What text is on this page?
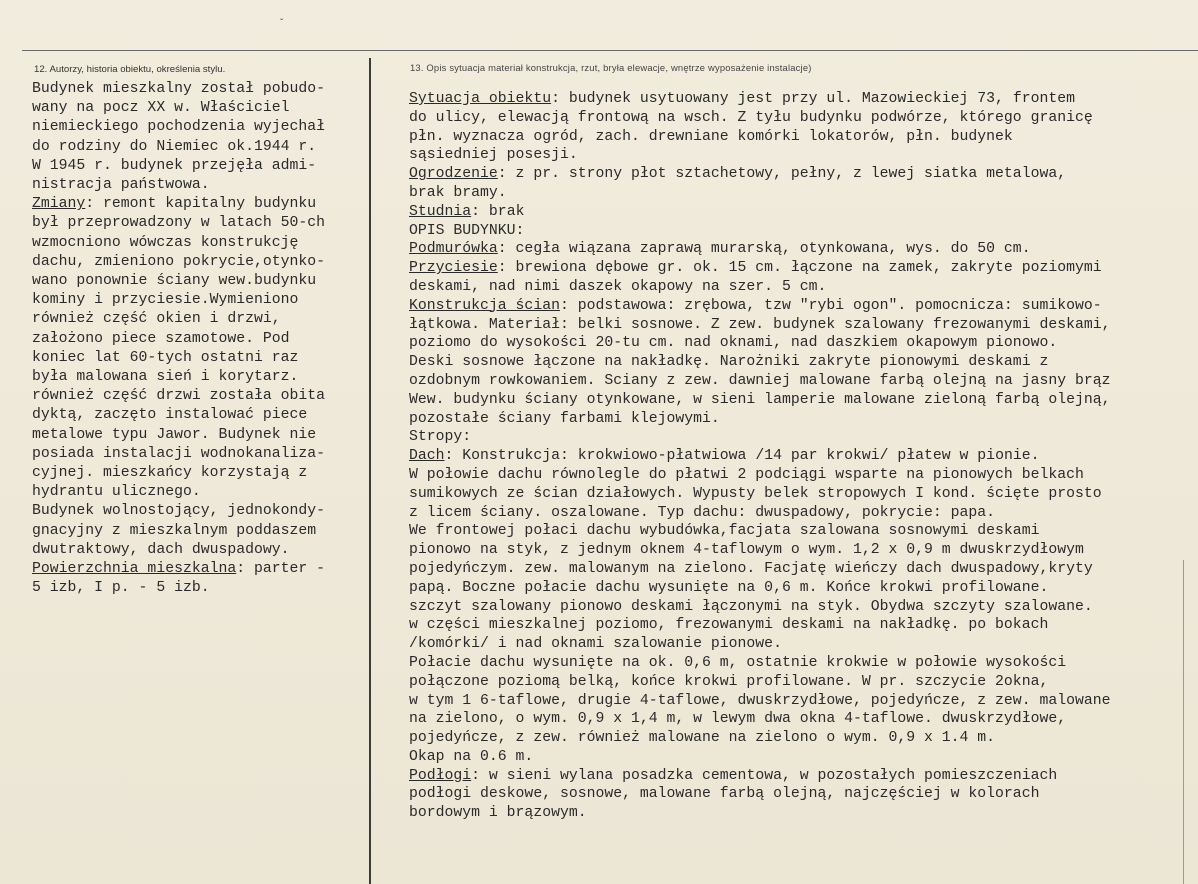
ˇ
12. Autorzy, historia obiektu, określenia stylu.	13. Opis sytuacja materiał konstrukcja, rzut, bryła elewacje, wnętrze wyposażenie instalacje)
Budynek mieszkalny został pobudo-
wany na pocz XX w. Właściciel
niemieckiego pochodzenia wyjechał
do rodziny do Niemiec ok.1944 r.
W 1945 r. budynek przejęła admi-
nistracja państwowa.
Zmiany: remont kapitalny budynku
był przeprowadzony w latach 50-ch
wzmocniono wówczas konstrukcję
dachu, zmieniono pokrycie,otynko-
wano ponownie ściany wew.budynku
kominy i przyciesie.Wymieniono
również część okien i drzwi,
założono piece szamotowe. Pod
koniec lat 60-tych ostatni raz
była malowana sień i korytarz.
również część drzwi została obita
dyktą, zaczęto instalować piece
metalowe typu Jawor. Budynek nie
posiada instalacji wodnokanaliza-
cyjnej. mieszkańcy korzystają z
hydrantu ulicznego.
Budynek wolnostojący, jednokondy-
gnacyjny z mieszkalnym poddaszem
dwutraktowy, dach dwuspadowy.
Powierzchnia mieszkalna: parter -
5 izb, I p. - 5 izb.
Sytuacja obiektu: budynek usytuowany jest przy ul. Mazowieckiej 73, frontem
do ulicy, elewacją frontową na wsch. Z tyłu budynku podwórze, którego granicę
płn. wyznacza ogród, zach. drewniane komórki lokatorów, płn. budynek
sąsiedniej posesji.
Ogrodzenie: z pr. strony płot sztachetowy, pełny, z lewej siatka metalowa,
brak bramy.
Studnia: brak
OPIS BUDYNKU:
Podmurówka: cegła wiązana zaprawą murarską, otynkowana, wys. do 50 cm.
Przyciesie: brewiona dębowe gr. ok. 15 cm. łączone na zamek, zakryte poziomymi
deskami, nad nimi daszek okapowy na szer. 5 cm.
Konstrukcja ścian: podstawowa: zrębowa, tzw "rybi ogon". pomocnicza: sumikowo-
łątkowa. Materiał: belki sosnowe. Z zew. budynek szalowany frezowanymi deskami,
poziomo do wysokości 20-tu cm. nad oknami, nad daszkiem okapowym pionowo.
Deski sosnowe łączone na nakładkę. Narożniki zakryte pionowymi deskami z
ozdobnym rowkowaniem. Sciany z zew. dawniej malowane farbą olejną na jasny brąz
Wew. budynku ściany otynkowane, w sieni lamperie malowane zieloną farbą olejną,
pozostałe ściany farbami klejowymi.
Stropy:
Dach: Konstrukcja: krokwiowo-płatwiowa /14 par krokwi/ płatew w pionie.
W połowie dachu równolegle do płatwi 2 podciągi wsparte na pionowych belkach
sumikowych ze ścian działowych. Wypusty belek stropowych I kond. ścięte prosto
z licem ściany. oszalowane. Typ dachu: dwuspadowy, pokrycie: papa.
We frontowej połaci dachu wybudówka,facjata szalowana sosnowymi deskami
pionowo na styk, z jednym oknem 4-taflowym o wym. 1,2 x 0,9 m dwuskrzydłowym
pojedyńczym. zew. malowanym na zielono. Facjatę wieńczy dach dwuspadowy,kryty
papą. Boczne połacie dachu wysunięte na 0,6 m. Końce krokwi profilowane.
szczyt szalowany pionowo deskami łączonymi na styk. Obydwa szczyty szalowane.
w części mieszkalnej poziomo, frezowanymi deskami na nakładkę. po bokach
/komórki/ i nad oknami szalowanie pionowe.
Połacie dachu wysunięte na ok. 0,6 m, ostatnie krokwie w połowie wysokości
połączone poziomą belką, końce krokwi profilowane. W pr. szczycie 2okna,
w tym 1 6-taflowe, drugie 4-taflowe, dwuskrzydłowe, pojedyńcze, z zew. malowane
na zielono, o wym. 0,9 x 1,4 m, w lewym dwa okna 4-taflowe. dwuskrzydłowe,
pojedyńcze, z zew. również malowane na zielono o wym. 0,9 x 1.4 m.
Okap na 0.6 m.
Podłogi: w sieni wylana posadzka cementowa, w pozostałych pomieszczeniach
podłogi deskowe, sosnowe, malowane farbą olejną, najczęściej w kolorach
bordowym i brązowym.
